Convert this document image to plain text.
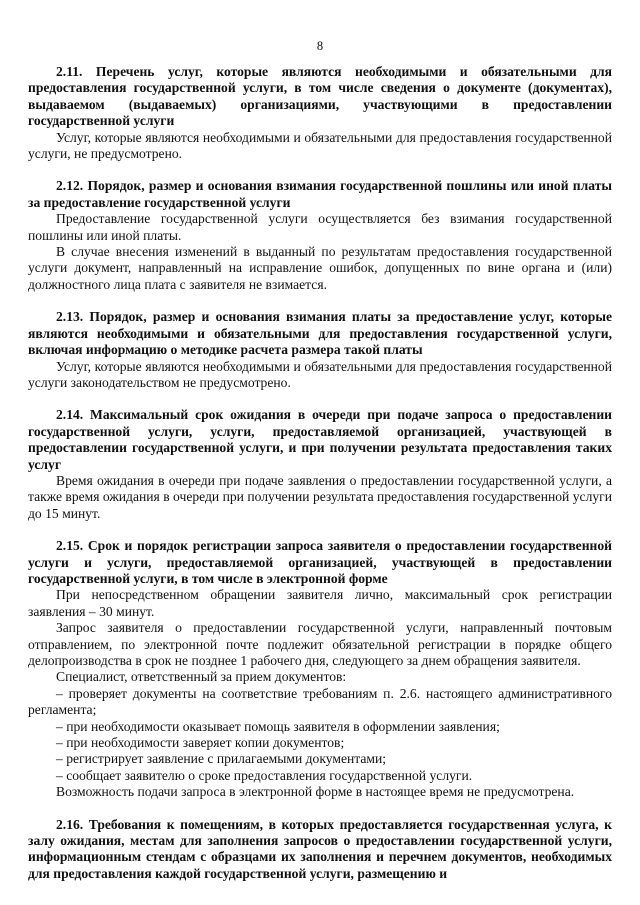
8

2.11. Перечень услуг, которые являются необходимыми и обязательными для предоставления государственной услуги, в том числе сведения о документе (документах), выдаваемом (выдаваемых) организациями, участвующими в предоставлении государственной услуги

Услуг, которые являются необходимыми и обязательными для предоставления государственной услуги, не предусмотрено.

2.12. Порядок, размер и основания взимания государственной пошлины или иной платы за предоставление государственной услуги

Предоставление государственной услуги осуществляется без взимания государственной пошлины или иной платы.

В случае внесения изменений в выданный по результатам предоставления государственной услуги документ, направленный на исправление ошибок, допущенных по вине органа и (или) должностного лица плата с заявителя не взимается.

2.13. Порядок, размер и основания взимания платы за предоставление услуг, которые являются необходимыми и обязательными для предоставления государственной услуги, включая информацию о методике расчета размера такой платы

Услуг, которые являются необходимыми и обязательными для предоставления государственной услуги законодательством не предусмотрено.

2.14. Максимальный срок ожидания в очереди при подаче запроса о предоставлении государственной услуги, услуги, предоставляемой организацией, участвующей в предоставлении государственной услуги, и при получении результата предоставления таких услуг

Время ожидания в очереди при подаче заявления о предоставлении государственной услуги, а также время ожидания в очереди при получении результата предоставления государственной услуги до 15 минут.

2.15. Срок и порядок регистрации запроса заявителя о предоставлении государственной услуги и услуги, предоставляемой организацией, участвующей в предоставлении государственной услуги, в том числе в электронной форме

При непосредственном обращении заявителя лично, максимальный срок регистрации заявления – 30 минут.

Запрос заявителя о предоставлении государственной услуги, направленный почтовым отправлением, по электронной почте подлежит обязательной регистрации в порядке общего делопроизводства в срок не позднее 1 рабочего дня, следующего за днем обращения заявителя.

Специалист, ответственный за прием документов:

– проверяет документы на соответствие требованиям п. 2.6. настоящего административного регламента;
– при необходимости оказывает помощь заявителя в оформлении заявления;
– при необходимости заверяет копии документов;
– регистрирует заявление с прилагаемыми документами;
– сообщает заявителю о сроке предоставления государственной услуги.

Возможность подачи запроса в электронной форме в настоящее время не предусмотрена.

2.16. Требования к помещениям, в которых предоставляется государственная услуга, к залу ожидания, местам для заполнения запросов о предоставлении государственной услуги, информационным стендам с образцами их заполнения и перечнем документов, необходимых для предоставления каждой государственной услуги, размещению и
